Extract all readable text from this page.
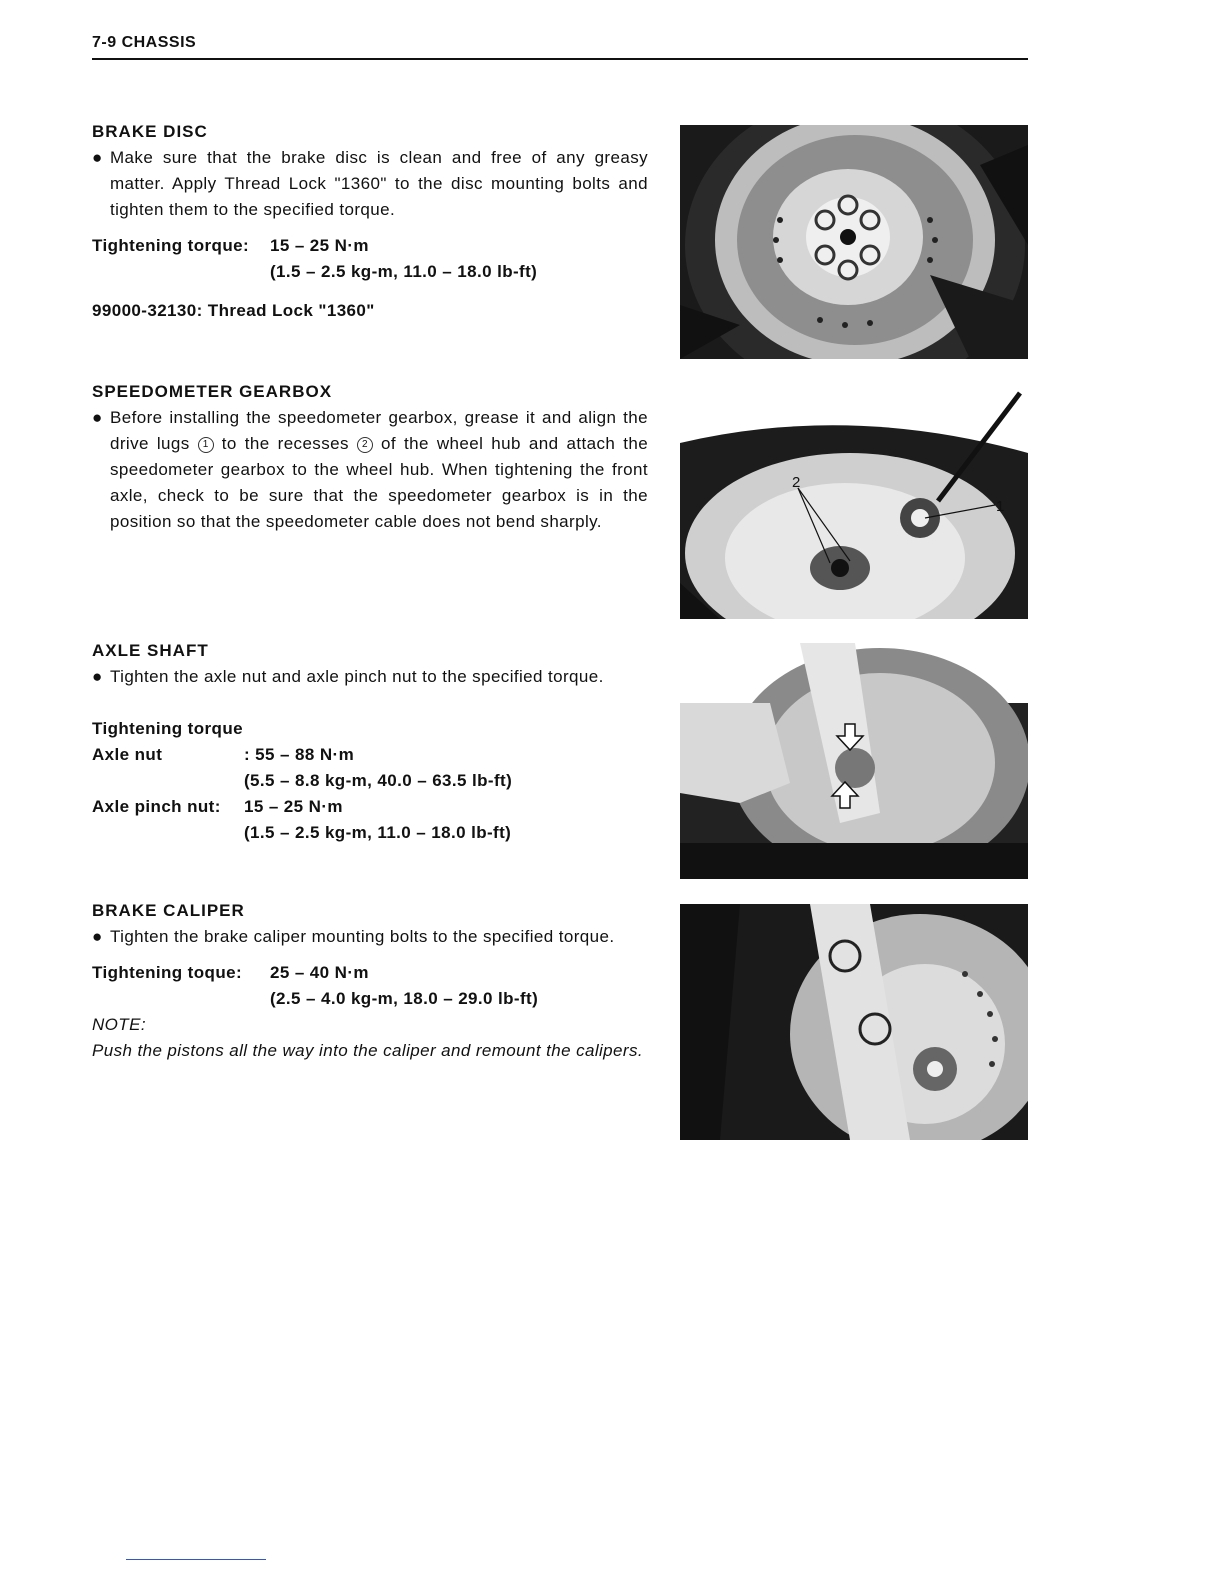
7-9 CHASSIS
BRAKE DISC
● Make sure that the brake disc is clean and free of any greasy matter. Apply Thread Lock "1360" to the disc mounting bolts and tighten them to the specified torque.
Tightening torque:	15 – 25 N·m
(1.5 – 2.5 kg-m, 11.0 – 18.0 lb-ft)
99000-32130: Thread Lock "1360"
SPEEDOMETER GEARBOX
● Before installing the speedometer gearbox, grease it and align the drive lugs 1 to the recesses 2 of the wheel hub and attach the speedometer gearbox to the wheel hub. When tightening the front axle, check to be sure that the speedometer gearbox is in the position so that the speedometer cable does not bend sharply.
AXLE SHAFT
● Tighten the axle nut and axle pinch nut to the specified torque.
Tightening torque
Axle nut	: 55 – 88 N·m
(5.5 – 8.8 kg-m, 40.0 – 63.5 lb-ft)
Axle pinch nut:	15 – 25 N·m
(1.5 – 2.5 kg-m, 11.0 – 18.0 lb-ft)
BRAKE CALIPER
● Tighten the brake caliper mounting bolts to the specified torque.
Tightening toque:	25 – 40 N·m
(2.5 – 4.0 kg-m, 18.0 – 29.0 lb-ft)
NOTE:
Push the pistons all the way into the caliper and remount the calipers.
2
1
